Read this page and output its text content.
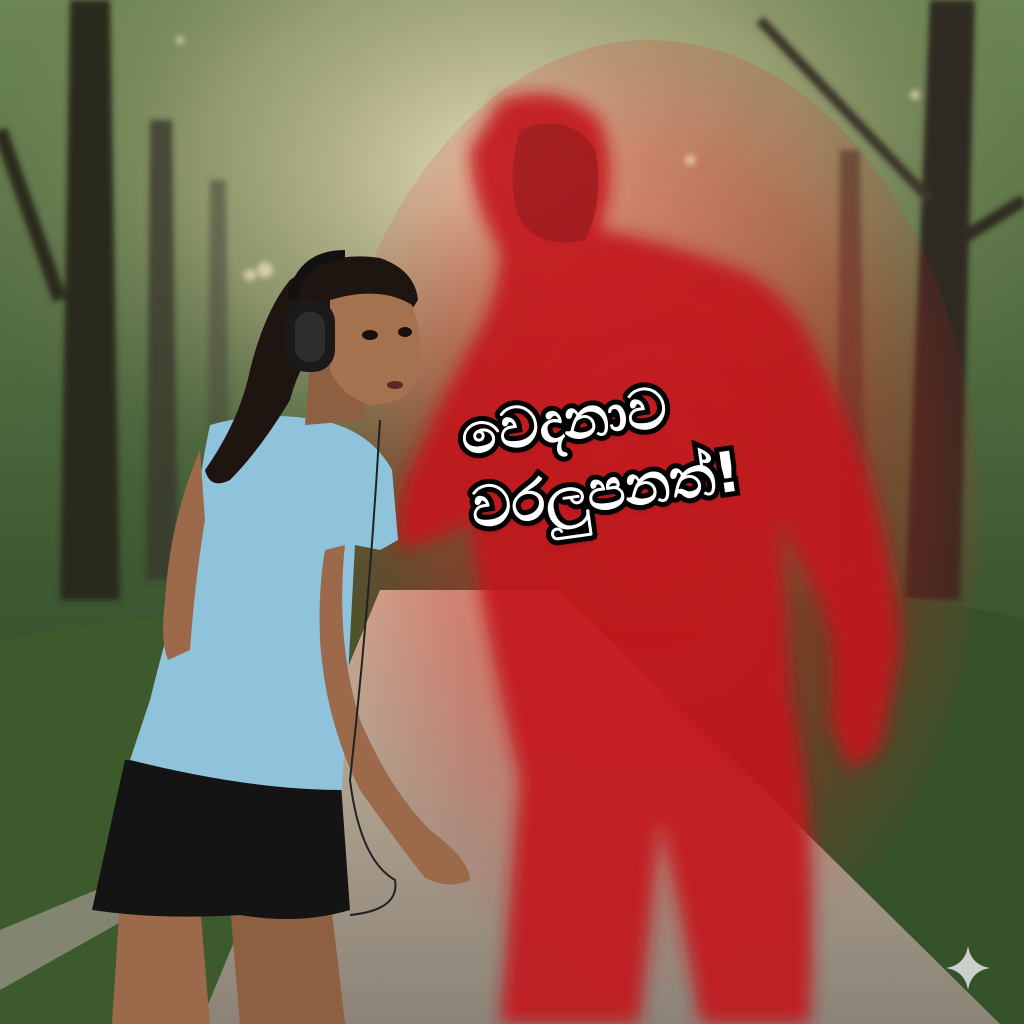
වෙදනාව
වරලුපනත්!
